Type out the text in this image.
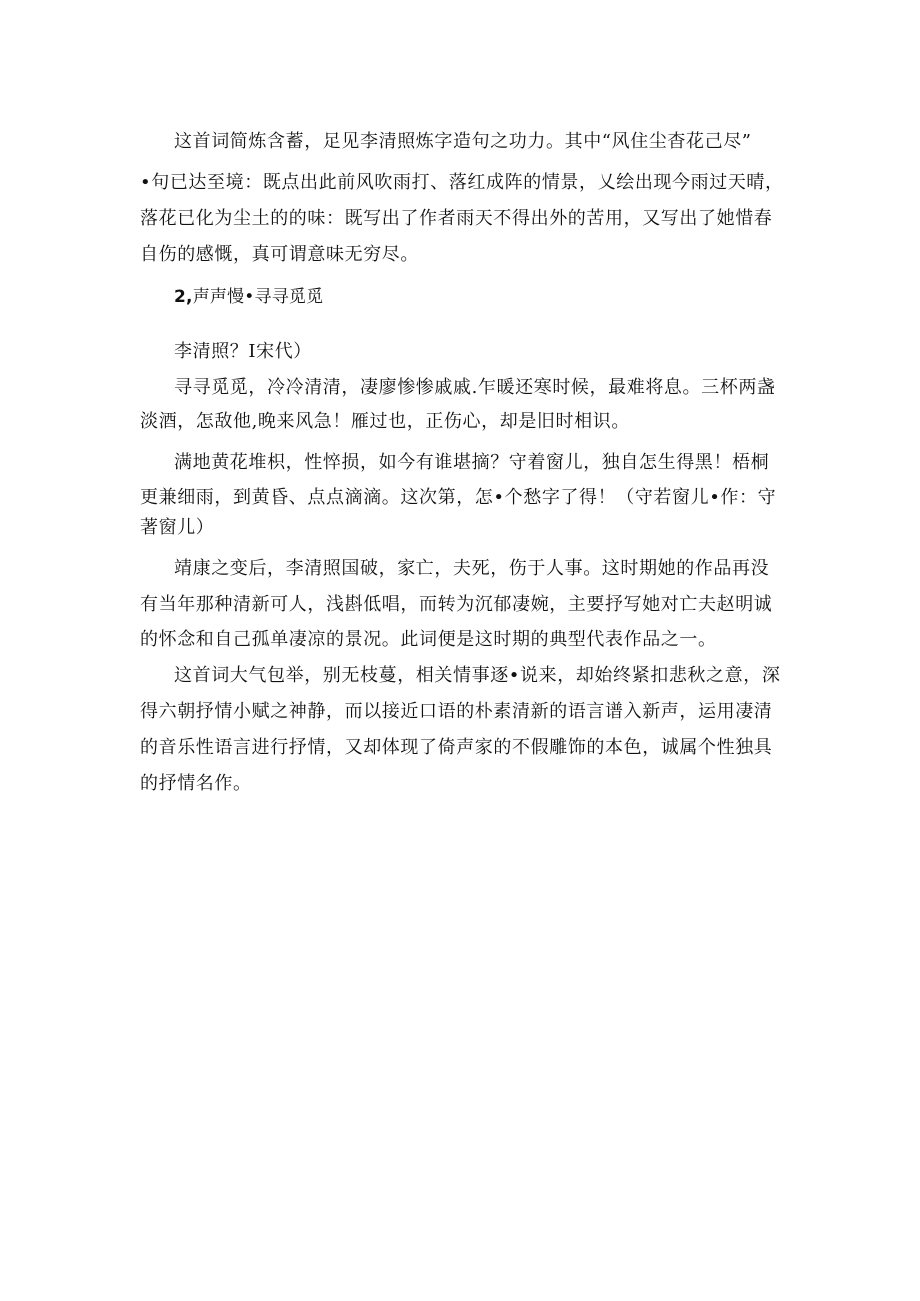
这首词简炼含蓄，足见李清照炼字造句之功力。其中“风住尘杳花己尽”
•句已达至境：既点出此前风吹雨打、落红成阵的情景，乂绘出现今雨过天晴，
落花已化为尘土的的味：既写出了作者雨天不得出外的苦用，又写出了她惜春
自伤的感慨，真可谓意味无穷尽。
2,声声慢•寻寻觅觅
李清照？I宋代）
寻寻觅觅，冷冷清清，凄廖惨惨戚戚.乍暖还寒时候，最难将息。三杯两盏
淡酒，怎敌他,晚来风急！雁过也，正伤心，却是旧时相识。
满地黄花堆枳，性悴损，如今有谁堪摘？守着窗儿，独自怎生得黑！梧桐
更兼细雨，到黄昏、点点滴滴。这次第，怎•个愁字了得！（守若窗儿•作：守
著窗儿）
靖康之变后，李清照国破，家亡，夫死，伤于人事。这时期她的作品再没
有当年那种清新可人，浅斟低唱，而转为沉郁凄婉，主要抒写她对亡夫赵明诚
的怀念和自己孤单凄凉的景况。此词便是这时期的典型代表作品之一。
这首词大气包举，别无枝蔓，相关情事逐•说来，却始终紧扣悲秋之意，深
得六朝抒情小赋之神静，而以接近口语的朴素清新的语言谱入新声，运用凄清
的音乐性语言进行抒情，又却体现了倚声家的不假雕饰的本色，诚属个性独具
的抒情名作。
